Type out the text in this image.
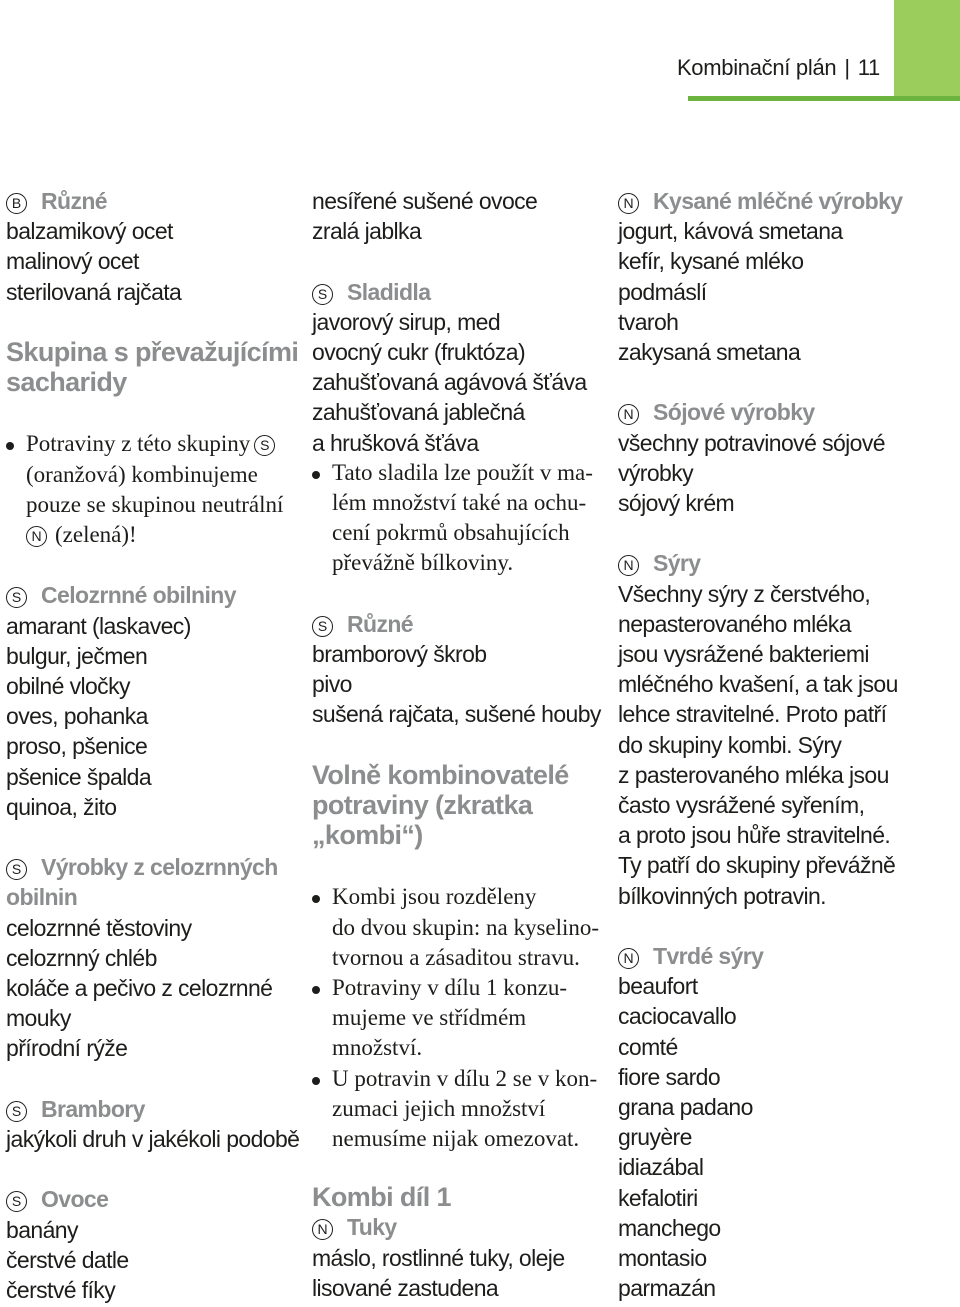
Kombinační plán | 11
B Různé
balzamikový ocet
malinový ocet
sterilovaná rajčata
Skupina s převažujícími
sacharidy
Potraviny z této skupiny S
(oranžová) kombinujeme
pouze se skupinou neutrální
N (zelená)!
S Celozrnné obilniny
amarant (laskavec)
bulgur, ječmen
obilné vločky
oves, pohanka
proso, pšenice
pšenice špalda
quinoa, žito
S Výrobky z celozrnných
obilnin
celozrnné těstoviny
celozrnný chléb
koláče a pečivo z celozrnné
mouky
přírodní rýže
S Brambory
jakýkoli druh v jakékoli podobě
S Ovoce
banány
čerstvé datle
čerstvé fíky
nesířené sušené ovoce
zralá jablka
S Sladidla
javorový sirup, med
ovocný cukr (fruktóza)
zahušťovaná agávová šťáva
zahušťovaná jablečná
a hrušková šťáva
Tato sladila lze použít v ma-
lém množství také na ochu-
cení pokrmů obsahujících
převážně bílkoviny.
S Různé
bramborový škrob
pivo
sušená rajčata, sušené houby
Volně kombinovatelé
potraviny (zkratka
„kombi“)
Kombi jsou rozděleny
do dvou skupin: na kyselino-
tvornou a zásaditou stravu.
Potraviny v dílu 1 konzu-
mujeme ve střídmém
množství.
U potravin v dílu 2 se v kon-
zumaci jejich množství
nemusíme nijak omezovat.
Kombi díl 1
N Tuky
máslo, rostlinné tuky, oleje
lisované zastudena
N Kysané mléčné výrobky
jogurt, kávová smetana
kefír, kysané mléko
podmáslí
tvaroh
zakysaná smetana
N Sójové výrobky
všechny potravinové sójové
výrobky
sójový krém
N Sýry
Všechny sýry z čerstvého,
nepasterovaného mléka
jsou vysrážené bakteriemi
mléčného kvašení, a tak jsou
lehce stravitelné. Proto patří
do skupiny kombi. Sýry
z pasterovaného mléka jsou
často vysrážené syřením,
a proto jsou hůře stravitelné.
Ty patří do skupiny převážně
bílkovinných potravin.
N Tvrdé sýry
beaufort
caciocavallo
comté
fiore sardo
grana padano
gruyère
idiazábal
kefalotiri
manchego
montasio
parmazán
